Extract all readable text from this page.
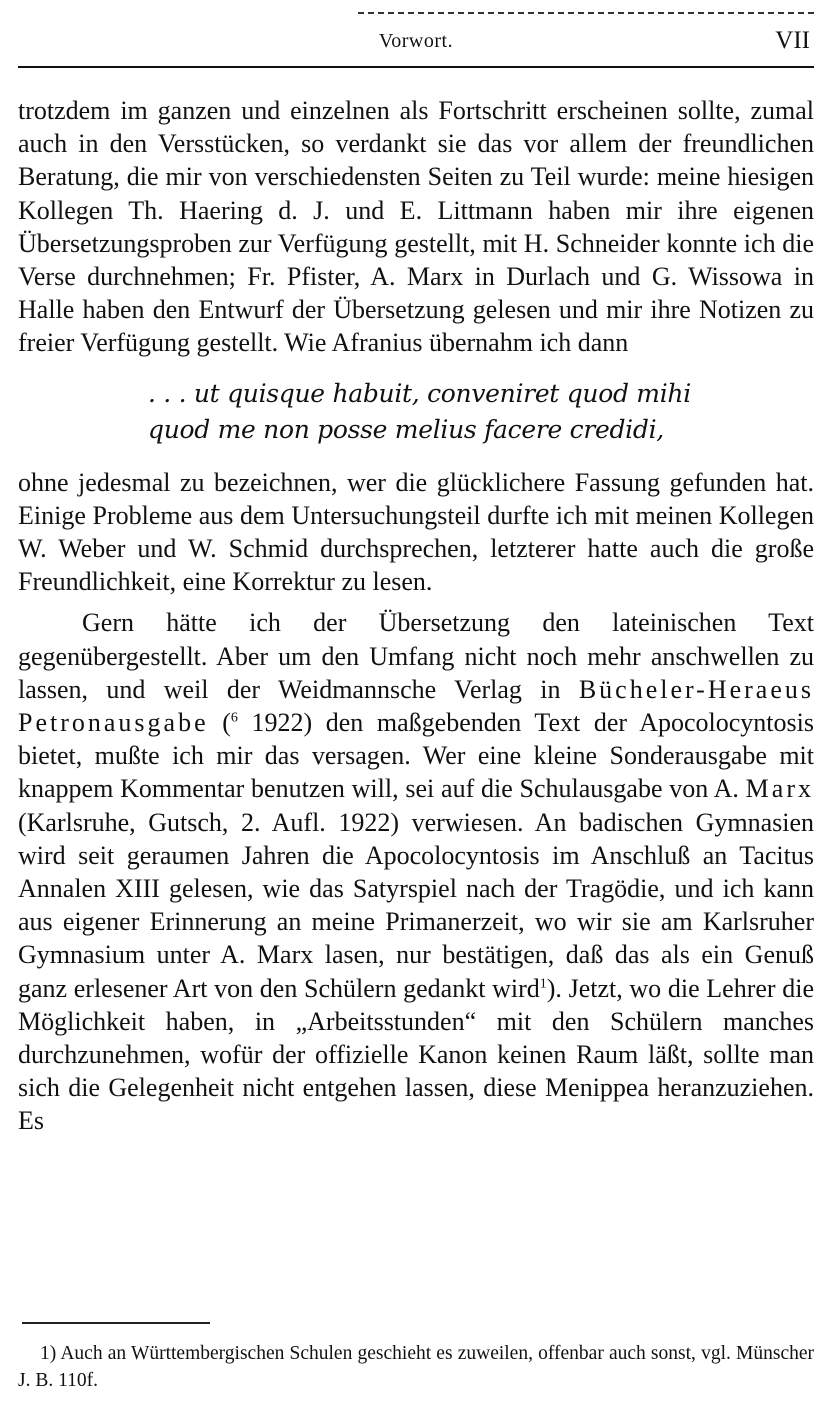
Vorwort.	VII

trotzdem im ganzen und einzelnen als Fortschritt erscheinen sollte, zumal auch in den Versstücken, so verdankt sie das vor allem der freundlichen Beratung, die mir von verschiedensten Seiten zu Teil wurde: meine hiesigen Kollegen Th. Haering d. J. und E. Littmann haben mir ihre eigenen Übersetzungsproben zur Verfügung gestellt, mit H. Schneider konnte ich die Verse durchnehmen; Fr. Pfister, A. Marx in Durlach und G. Wissowa in Halle haben den Entwurf der Übersetzung gelesen und mir ihre Notizen zu freier Verfügung gestellt. Wie Afranius übernahm ich dann

. . . ut quisque habuit, conveniret quod mihi
quod me non posse melius facere credidi,

ohne jedesmal zu bezeichnen, wer die glücklichere Fassung gefunden hat. Einige Probleme aus dem Untersuchungsteil durfte ich mit meinen Kollegen W. Weber und W. Schmid durchsprechen, letzterer hatte auch die große Freundlichkeit, eine Korrektur zu lesen.

Gern hätte ich der Übersetzung den lateinischen Text gegenübergestellt. Aber um den Umfang nicht noch mehr anschwellen zu lassen, und weil der Weidmannsche Verlag in Bücheler-Heraeus Petronausgabe ($^6$ 1922) den maßgebenden Text der Apocolocyntosis bietet, mußte ich mir das versagen. Wer eine kleine Sonderausgabe mit knappem Kommentar benutzen will, sei auf die Schulausgabe von A. Marx (Karlsruhe, Gutsch, 2. Aufl. 1922) verwiesen. An badischen Gymnasien wird seit geraumen Jahren die Apocolocyntosis im Anschluß an Tacitus Annalen XIII gelesen, wie das Satyrspiel nach der Tragödie, und ich kann aus eigener Erinnerung an meine Primanerzeit, wo wir sie am Karlsruher Gymnasium unter A. Marx lasen, nur bestätigen, daß das als ein Genuß ganz erlesener Art von den Schülern gedankt wird$^1$). Jetzt, wo die Lehrer die Möglichkeit haben, in „Arbeitsstunden“ mit den Schülern manches durchzunehmen, wofür der offizielle Kanon keinen Raum läßt, sollte man sich die Gelegenheit nicht entgehen lassen, diese Menippea heranzuziehen. Es

1) Auch an Württembergischen Schulen geschieht es zuweilen, offenbar auch sonst, vgl. Münscher J. B. 110f.
